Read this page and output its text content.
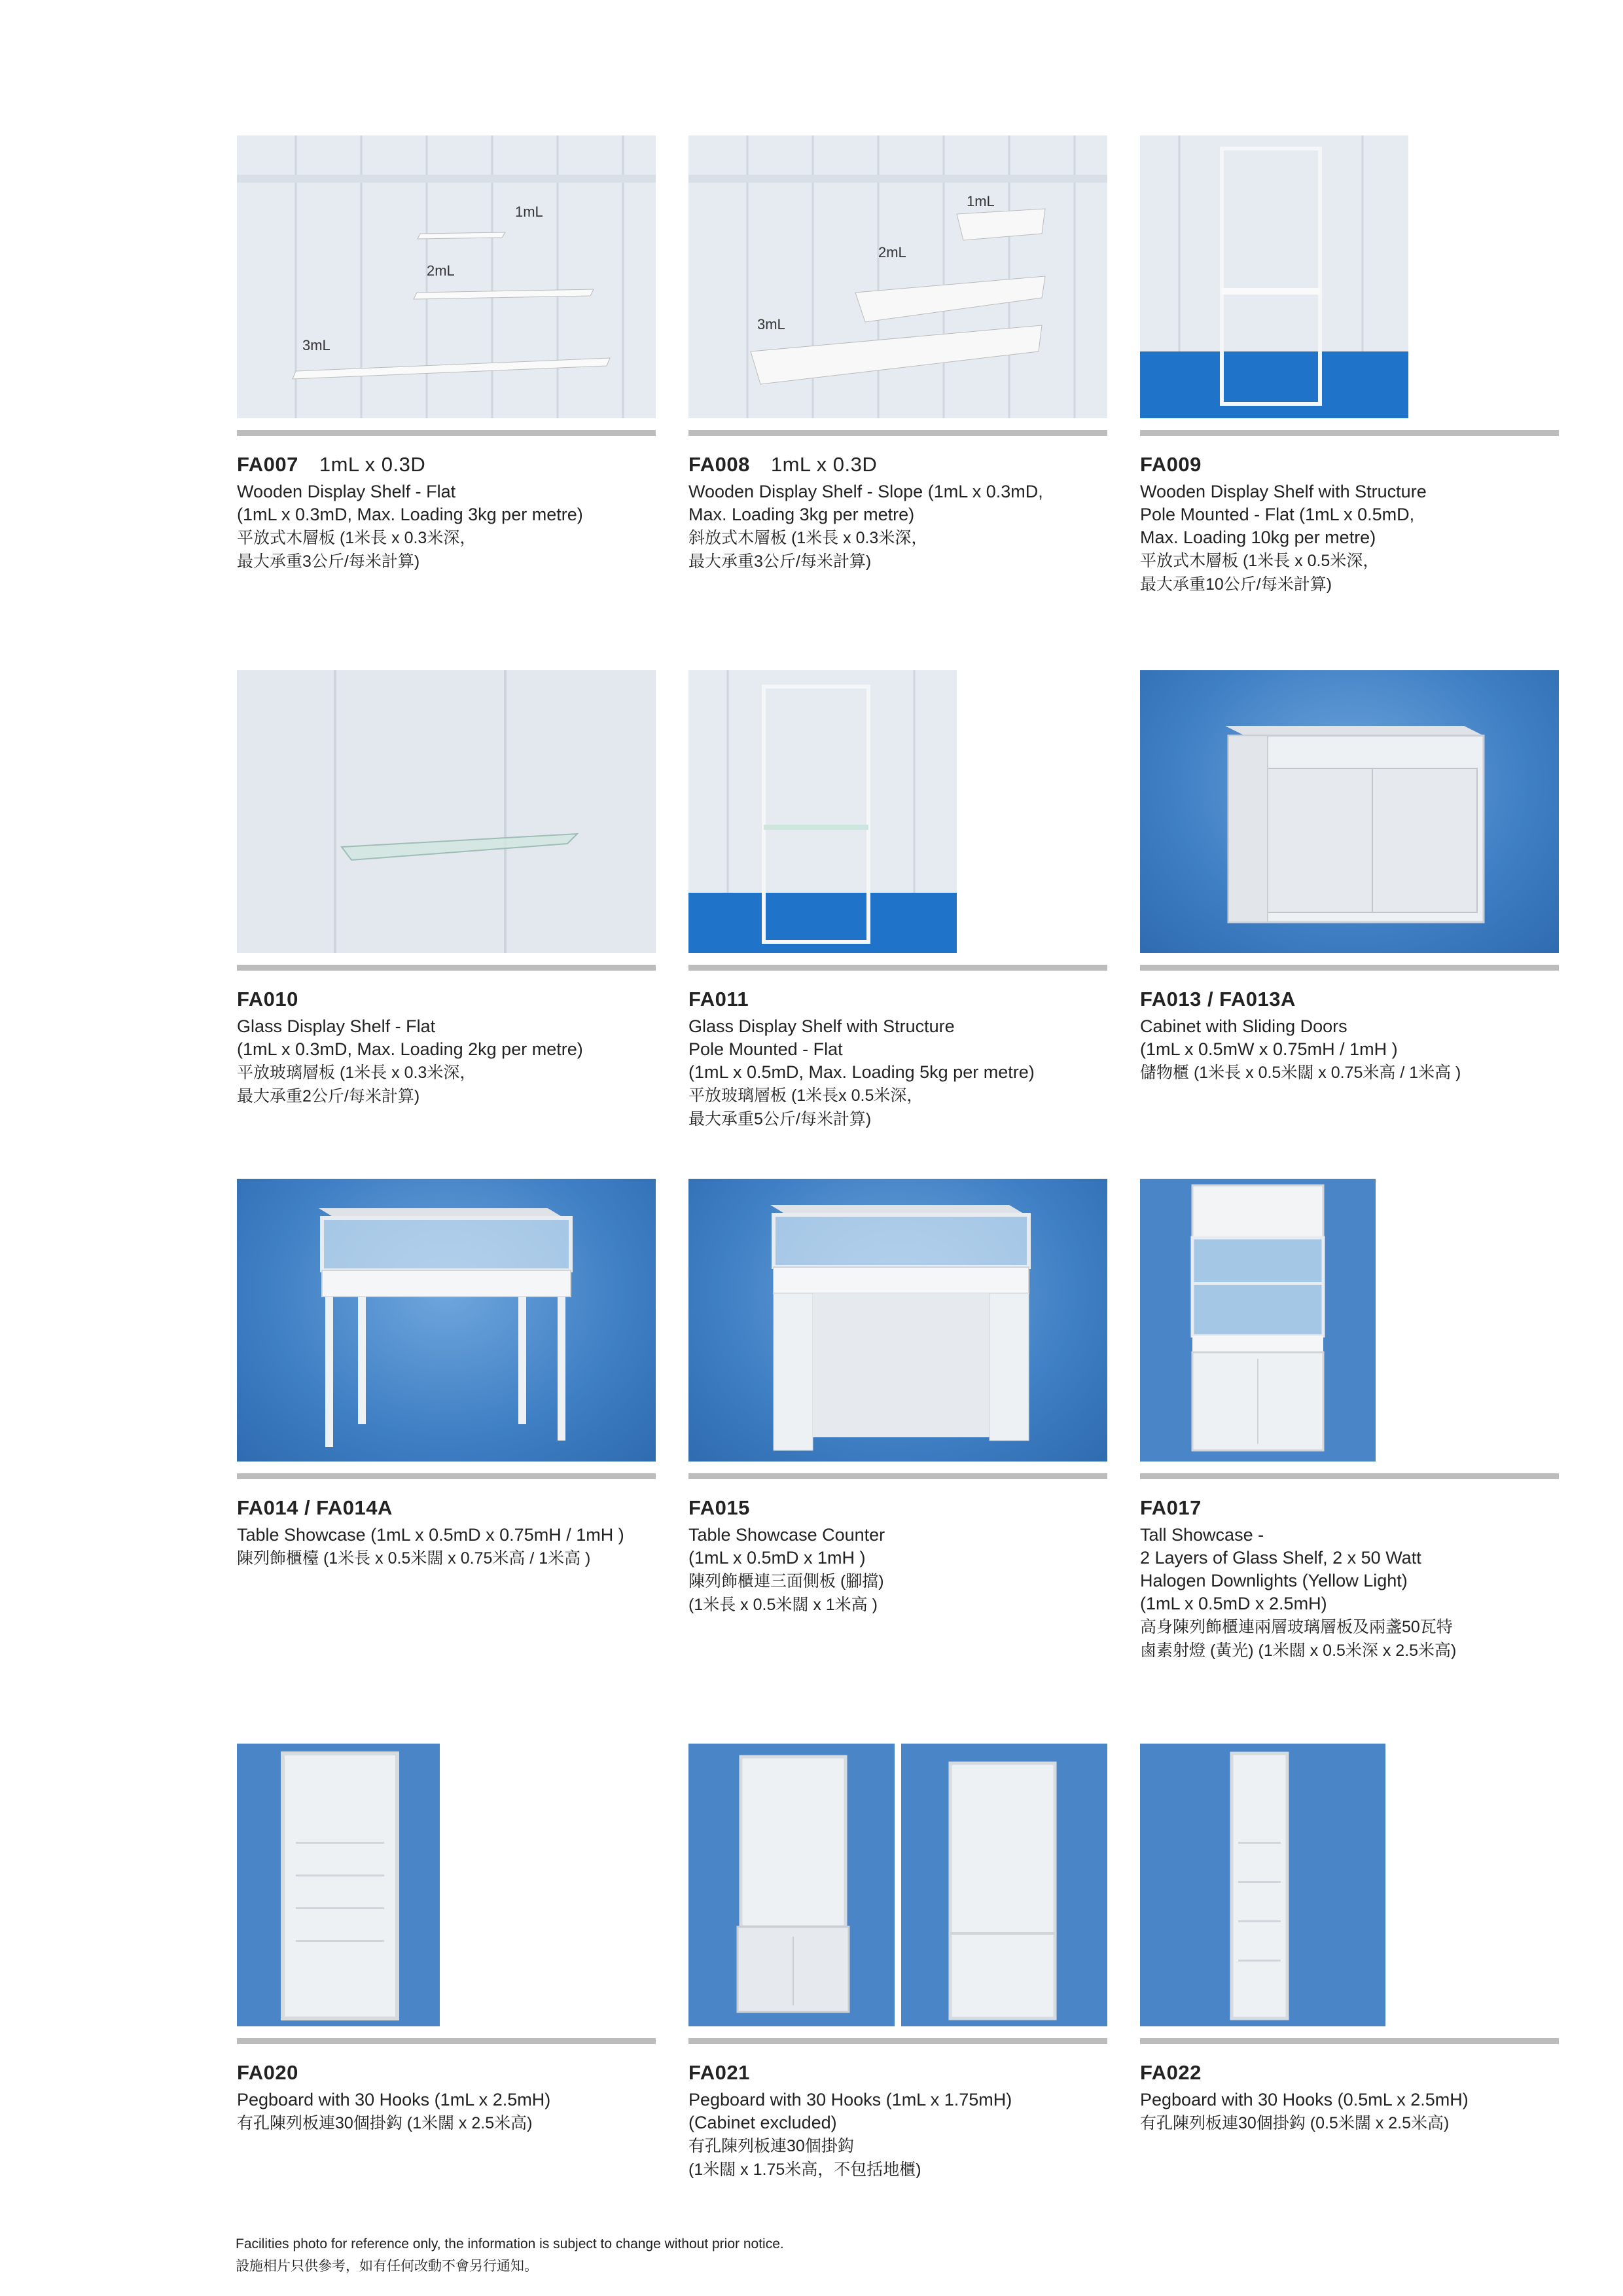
1mL
2mL
3mL
FA007 1mL x 0.3D
Wooden Display Shelf - Flat
(1mL x 0.3mD, Max. Loading 3kg per metre)
平放式木層板 (1米長 x 0.3米深，
最大承重3公斤/每米計算)
1mL
2mL
3mL
FA008 1mL x 0.3D
Wooden Display Shelf - Slope (1mL x 0.3mD,
Max. Loading 3kg per metre)
斜放式木層板 (1米長 x 0.3米深，
最大承重3公斤/每米計算)
FA009
Wooden Display Shelf with Structure
Pole Mounted - Flat (1mL x 0.5mD,
Max. Loading 10kg per metre)
平放式木層板 (1米長 x 0.5米深，
最大承重10公斤/每米計算)
FA010
Glass Display Shelf - Flat
(1mL x 0.3mD, Max. Loading 2kg per metre)
平放玻璃層板 (1米長 x 0.3米深，
最大承重2公斤/每米計算)
FA011
Glass Display Shelf with Structure
Pole Mounted - Flat
(1mL x 0.5mD, Max. Loading 5kg per metre)
平放玻璃層板 (1米長x 0.5米深，
最大承重5公斤/每米計算)
FA013 / FA013A
Cabinet with Sliding Doors
(1mL x 0.5mW x 0.75mH / 1mH )
儲物櫃 (1米長 x 0.5米闊 x 0.75米高 / 1米高 )
FA014 / FA014A
Table Showcase (1mL x 0.5mD x 0.75mH / 1mH )
陳列飾櫃檯 (1米長 x 0.5米闊 x 0.75米高 / 1米高 )
FA015
Table Showcase Counter
(1mL x 0.5mD x 1mH )
陳列飾櫃連三面側板 (腳擋)
(1米長 x 0.5米闊 x 1米高 )
FA017
Tall Showcase -
2 Layers of Glass Shelf, 2 x 50 Watt
Halogen Downlights (Yellow Light)
(1mL x 0.5mD x 2.5mH)
高身陳列飾櫃連兩層玻璃層板及兩盞50瓦特
鹵素射燈 (黃光) (1米闊 x 0.5米深 x 2.5米高)
FA020
Pegboard with 30 Hooks (1mL x 2.5mH)
有孔陳列板連30個掛鈎 (1米闊 x 2.5米高)
FA021
Pegboard with 30 Hooks (1mL x 1.75mH)
(Cabinet excluded)
有孔陳列板連30個掛鈎
(1米闊 x 1.75米高，不包括地櫃)
FA022
Pegboard with 30 Hooks (0.5mL x 2.5mH)
有孔陳列板連30個掛鈎 (0.5米闊 x 2.5米高)
Facilities photo for reference only, the information is subject to change without prior notice.
設施相片只供參考，如有任何改動不會另行通知。
